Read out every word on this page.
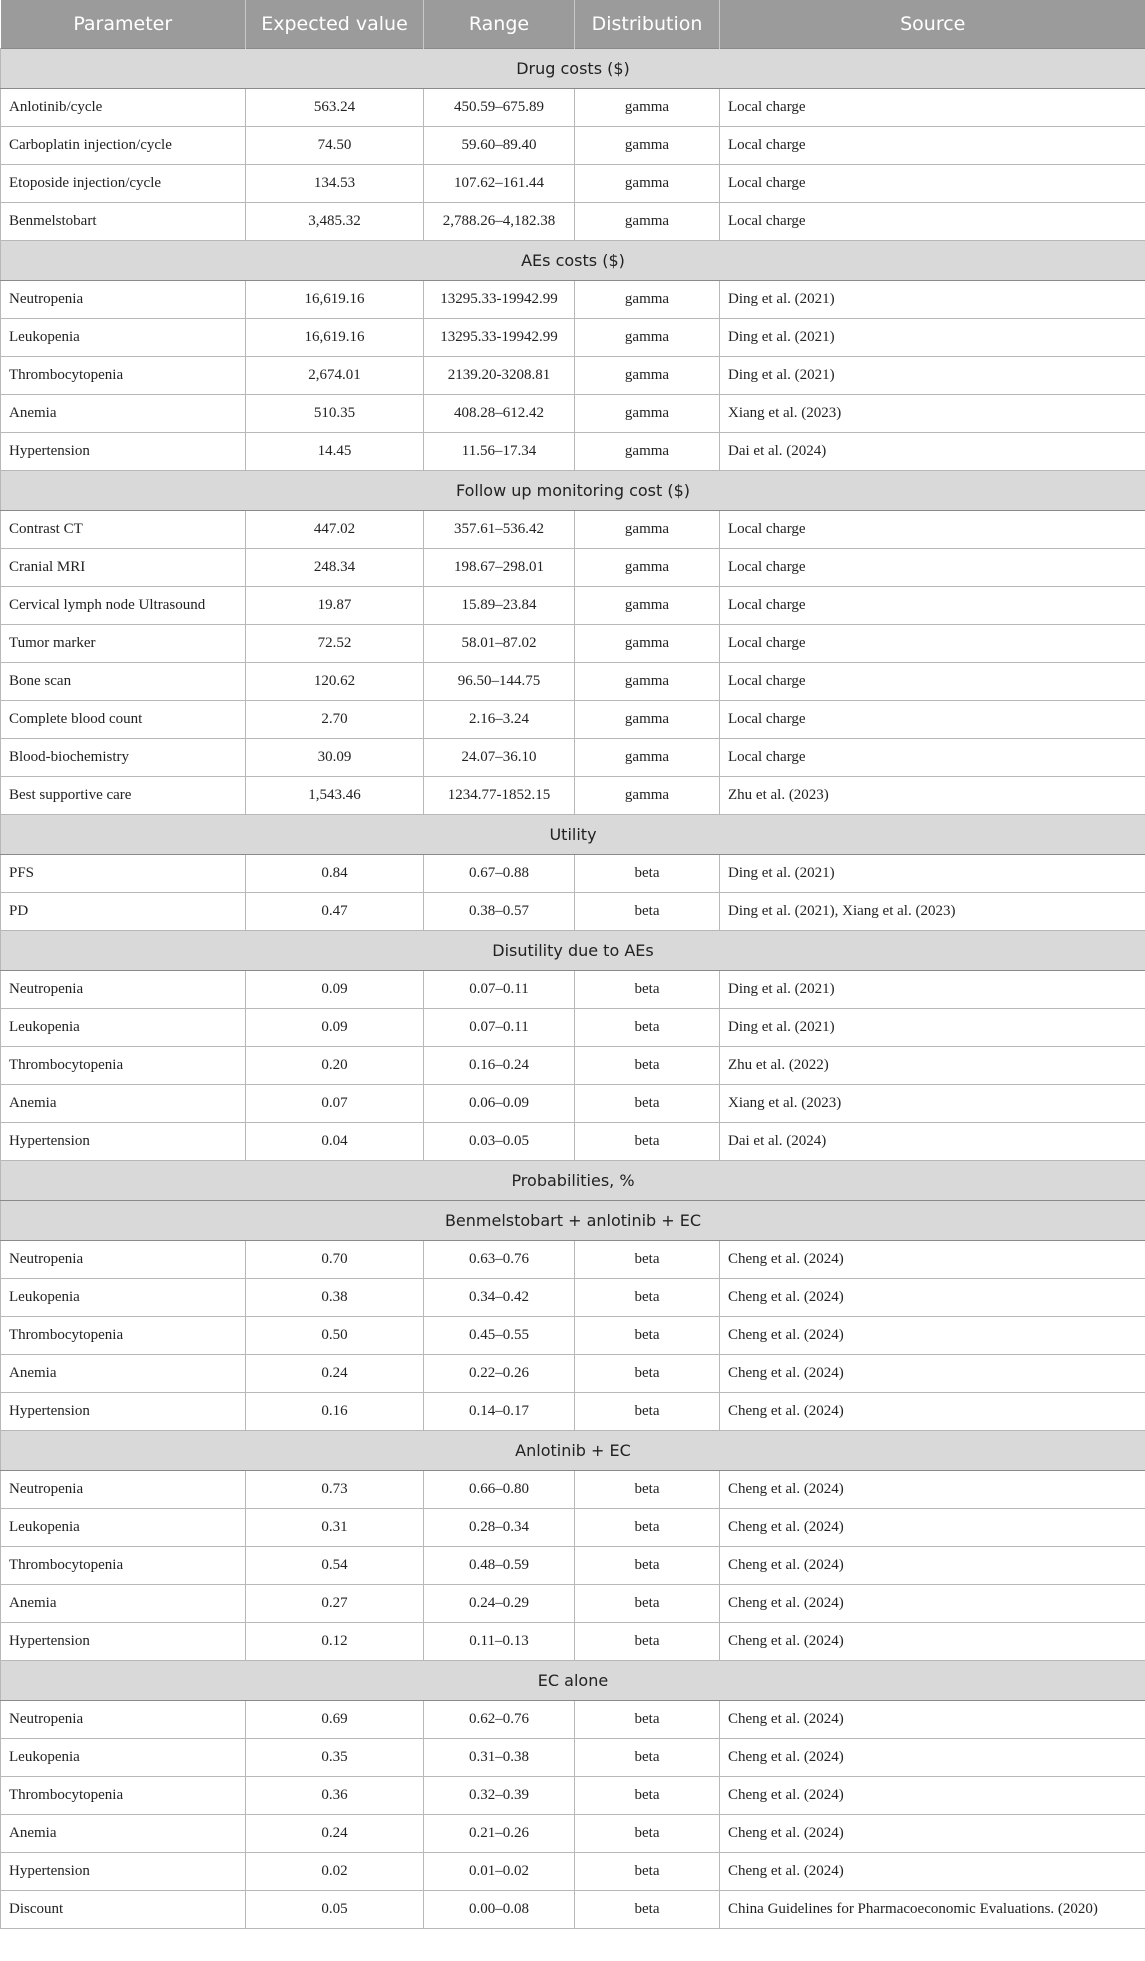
Parameter	Expected value	Range	Distribution	Source
Drug costs ($)				
Anlotinib/cycle	563.24	450.59–675.89	gamma	Local charge
Carboplatin injection/cycle	74.50	59.60–89.40	gamma	Local charge
Etoposide injection/cycle	134.53	107.62–161.44	gamma	Local charge
Benmelstobart	3,485.32	2,788.26–4,182.38	gamma	Local charge
AEs costs ($)				
Neutropenia	16,619.16	13295.33-19942.99	gamma	Ding et al. (2021)
Leukopenia	16,619.16	13295.33-19942.99	gamma	Ding et al. (2021)
Thrombocytopenia	2,674.01	2139.20-3208.81	gamma	Ding et al. (2021)
Anemia	510.35	408.28–612.42	gamma	Xiang et al. (2023)
Hypertension	14.45	11.56–17.34	gamma	Dai et al. (2024)
Follow up monitoring cost ($)				
Contrast CT	447.02	357.61–536.42	gamma	Local charge
Cranial MRI	248.34	198.67–298.01	gamma	Local charge
Cervical lymph node Ultrasound	19.87	15.89–23.84	gamma	Local charge
Tumor marker	72.52	58.01–87.02	gamma	Local charge
Bone scan	120.62	96.50–144.75	gamma	Local charge
Complete blood count	2.70	2.16–3.24	gamma	Local charge
Blood-biochemistry	30.09	24.07–36.10	gamma	Local charge
Best supportive care	1,543.46	1234.77-1852.15	gamma	Zhu et al. (2023)
Utility				
PFS	0.84	0.67–0.88	beta	Ding et al. (2021)
PD	0.47	0.38–0.57	beta	Ding et al. (2021), Xiang et al. (2023)
Disutility due to AEs				
Neutropenia	0.09	0.07–0.11	beta	Ding et al. (2021)
Leukopenia	0.09	0.07–0.11	beta	Ding et al. (2021)
Thrombocytopenia	0.20	0.16–0.24	beta	Zhu et al. (2022)
Anemia	0.07	0.06–0.09	beta	Xiang et al. (2023)
Hypertension	0.04	0.03–0.05	beta	Dai et al. (2024)
Probabilities, %				
Benmelstobart + anlotinib + EC				
Neutropenia	0.70	0.63–0.76	beta	Cheng et al. (2024)
Leukopenia	0.38	0.34–0.42	beta	Cheng et al. (2024)
Thrombocytopenia	0.50	0.45–0.55	beta	Cheng et al. (2024)
Anemia	0.24	0.22–0.26	beta	Cheng et al. (2024)
Hypertension	0.16	0.14–0.17	beta	Cheng et al. (2024)
Anlotinib + EC				
Neutropenia	0.73	0.66–0.80	beta	Cheng et al. (2024)
Leukopenia	0.31	0.28–0.34	beta	Cheng et al. (2024)
Thrombocytopenia	0.54	0.48–0.59	beta	Cheng et al. (2024)
Anemia	0.27	0.24–0.29	beta	Cheng et al. (2024)
Hypertension	0.12	0.11–0.13	beta	Cheng et al. (2024)
EC alone				
Neutropenia	0.69	0.62–0.76	beta	Cheng et al. (2024)
Leukopenia	0.35	0.31–0.38	beta	Cheng et al. (2024)
Thrombocytopenia	0.36	0.32–0.39	beta	Cheng et al. (2024)
Anemia	0.24	0.21–0.26	beta	Cheng et al. (2024)
Hypertension	0.02	0.01–0.02	beta	Cheng et al. (2024)
Discount	0.05	0.00–0.08	beta	China Guidelines for Pharmacoeconomic Evaluations. (2020)
